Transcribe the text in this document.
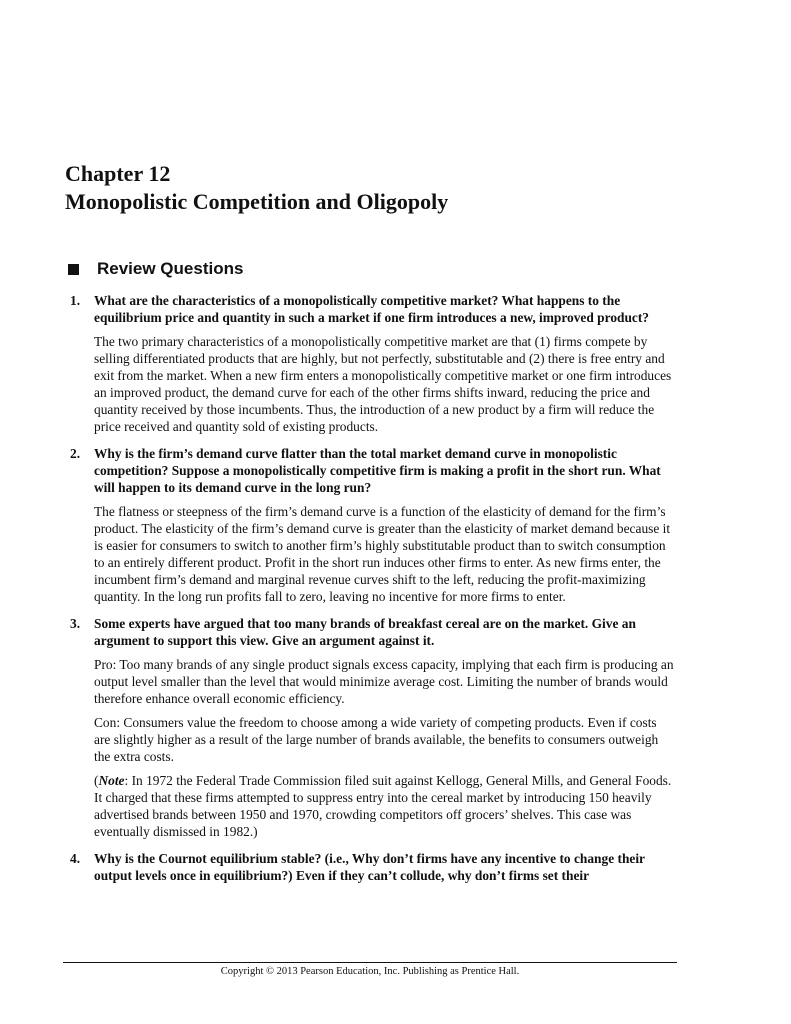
Chapter 12
Monopolistic Competition and Oligopoly
Review Questions
1. What are the characteristics of a monopolistically competitive market? What happens to the equilibrium price and quantity in such a market if one firm introduces a new, improved product?

The two primary characteristics of a monopolistically competitive market are that (1) firms compete by selling differentiated products that are highly, but not perfectly, substitutable and (2) there is free entry and exit from the market. When a new firm enters a monopolistically competitive market or one firm introduces an improved product, the demand curve for each of the other firms shifts inward, reducing the price and quantity received by those incumbents. Thus, the introduction of a new product by a firm will reduce the price received and quantity sold of existing products.

2. Why is the firm’s demand curve flatter than the total market demand curve in monopolistic competition? Suppose a monopolistically competitive firm is making a profit in the short run. What will happen to its demand curve in the long run?

The flatness or steepness of the firm’s demand curve is a function of the elasticity of demand for the firm’s product. The elasticity of the firm’s demand curve is greater than the elasticity of market demand because it is easier for consumers to switch to another firm’s highly substitutable product than to switch consumption to an entirely different product. Profit in the short run induces other firms to enter. As new firms enter, the incumbent firm’s demand and marginal revenue curves shift to the left, reducing the profit-maximizing quantity. In the long run profits fall to zero, leaving no incentive for more firms to enter.

3. Some experts have argued that too many brands of breakfast cereal are on the market. Give an argument to support this view. Give an argument against it.

Pro: Too many brands of any single product signals excess capacity, implying that each firm is producing an output level smaller than the level that would minimize average cost. Limiting the number of brands would therefore enhance overall economic efficiency.

Con: Consumers value the freedom to choose among a wide variety of competing products. Even if costs are slightly higher as a result of the large number of brands available, the benefits to consumers outweigh the extra costs.

(Note: In 1972 the Federal Trade Commission filed suit against Kellogg, General Mills, and General Foods. It charged that these firms attempted to suppress entry into the cereal market by introducing 150 heavily advertised brands between 1950 and 1970, crowding competitors off grocers’ shelves. This case was eventually dismissed in 1982.)

4. Why is the Cournot equilibrium stable? (i.e., Why don’t firms have any incentive to change their output levels once in equilibrium?) Even if they can’t collude, why don’t firms set their

Copyright © 2013 Pearson Education, Inc. Publishing as Prentice Hall.
